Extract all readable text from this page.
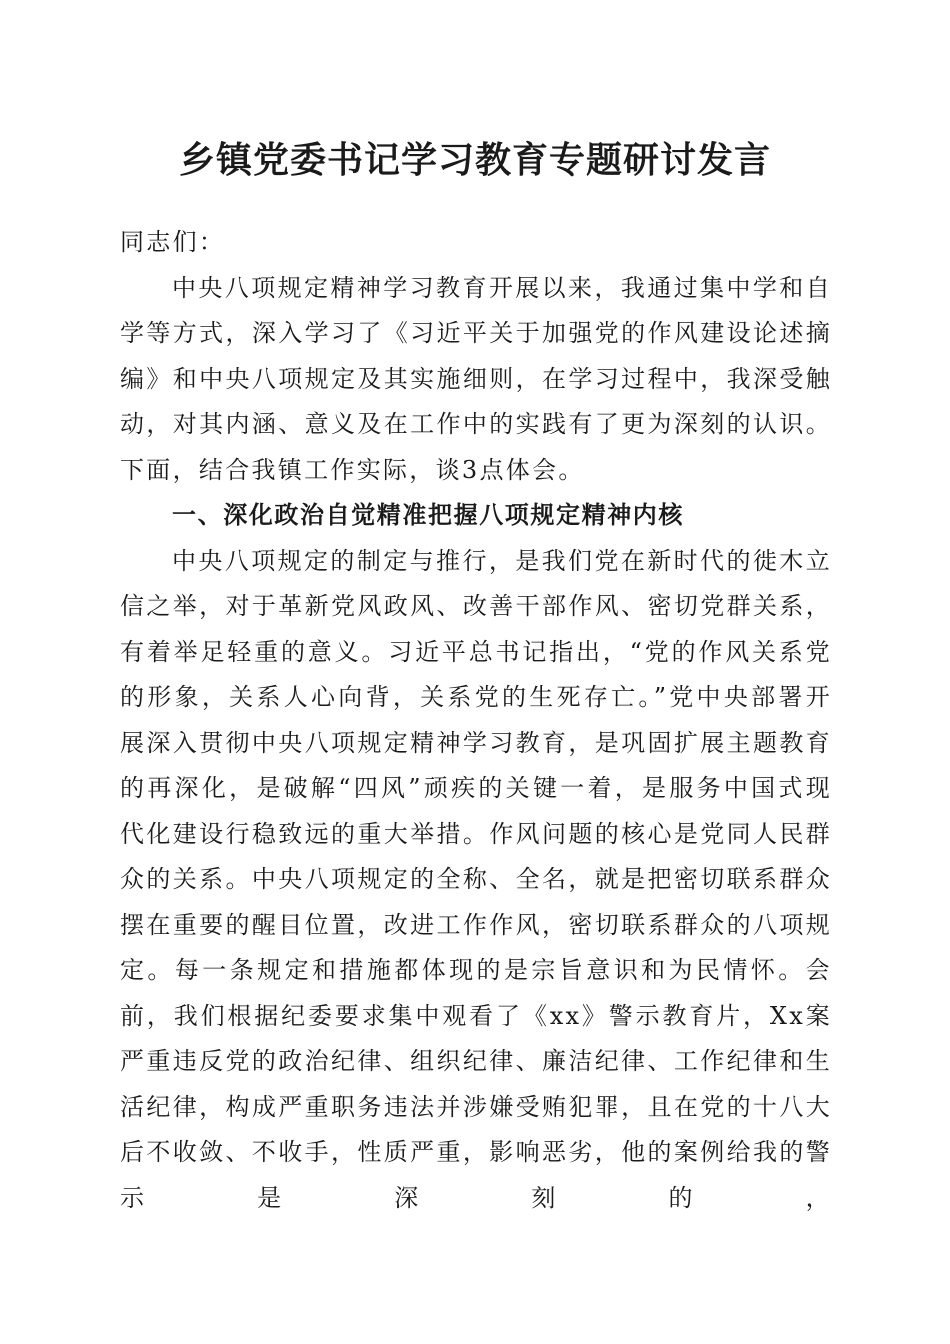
乡镇党委书记学习教育专题研讨发言

同志们：

中央八项规定精神学习教育开展以来，我通过集中学和自学等方式，深入学习了《习近平关于加强党的作风建设论述摘编》和中央八项规定及其实施细则，在学习过程中，我深受触动，对其内涵、意义及在工作中的实践有了更为深刻的认识。下面，结合我镇工作实际，谈3点体会。

一、深化政治自觉精准把握八项规定精神内核

中央八项规定的制定与推行，是我们党在新时代的徙木立信之举，对于革新党风政风、改善干部作风、密切党群关系，有着举足轻重的意义。习近平总书记指出，“党的作风关系党的形象，关系人心向背，关系党的生死存亡。”党中央部署开展深入贯彻中央八项规定精神学习教育，是巩固扩展主题教育的再深化，是破解“四风”顽疾的关键一着，是服务中国式现代化建设行稳致远的重大举措。作风问题的核心是党同人民群众的关系。中央八项规定的全称、全名，就是把密切联系群众摆在重要的醒目位置，改进工作作风，密切联系群众的八项规定。每一条规定和措施都体现的是宗旨意识和为民情怀。会前，我们根据纪委要求集中观看了《xx》警示教育片，Xx案严重违反党的政治纪律、组织纪律、廉洁纪律、工作纪律和生活纪律，构成严重职务违法并涉嫌受贿犯罪，且在党的十八大后不收敛、不收手，性质严重，影响恶劣，他的案例给我的警示是深刻的，
